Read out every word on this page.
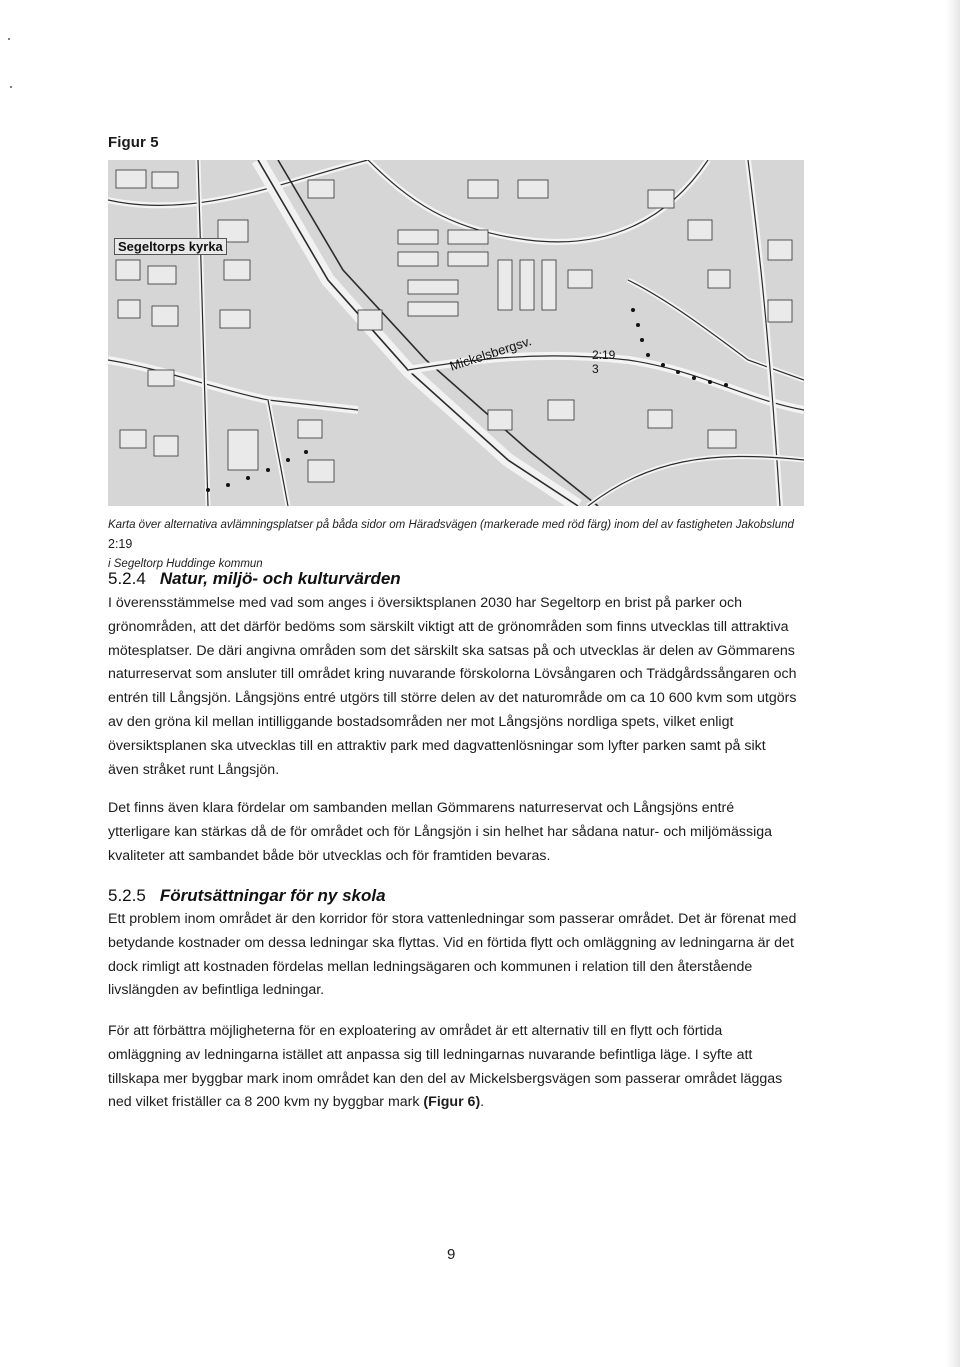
Figur 5
Segeltorps kyrka
Mickelsbergsv.	2:19
3
Karta över alternativa avlämningsplatser på båda sidor om Häradsvägen (markerade med röd färg) inom del av fastigheten Jakobslund 2:19
i Segeltorp Huddinge kommun
5.2.4 Natur, miljö- och kulturvärden

I överensstämmelse med vad som anges i översiktsplanen 2030 har Segeltorp en brist på parker och grönområden, att det därför bedöms som särskilt viktigt att de grönområden som finns utvecklas till attraktiva mötesplatser. De däri angivna områden som det särskilt ska satsas på och utvecklas är delen av Gömmarens naturreservat som ansluter till området kring nuvarande förskolorna Lövsångaren och Trädgårdssångaren och entrén till Långsjön. Långsjöns entré utgörs till större delen av det naturområde om ca 10 600 kvm som utgörs av den gröna kil mellan intilliggande bostadsområden ner mot Långsjöns nordliga spets, vilket enligt översiktsplanen ska utvecklas till en attraktiv park med dagvattenlösningar som lyfter parken samt på sikt även stråket runt Långsjön.

Det finns även klara fördelar om sambanden mellan Gömmarens naturreservat och Långsjöns entré ytterligare kan stärkas då de för området och för Långsjön i sin helhet har sådana natur- och miljömässiga kvaliteter att sambandet både bör utvecklas och för framtiden bevaras.

5.2.5 Förutsättningar för ny skola

Ett problem inom området är den korridor för stora vattenledningar som passerar området. Det är förenat med betydande kostnader om dessa ledningar ska flyttas. Vid en förtida flytt och omläggning av ledningarna är det dock rimligt att kostnaden fördelas mellan ledningsägaren och kommunen i relation till den återstående livslängden av befintliga ledningar.

För att förbättra möjligheterna för en exploatering av området är ett alternativ till en flytt och förtida omläggning av ledningarna istället att anpassa sig till ledningarnas nuvarande befintliga läge. I syfte att tillskapa mer byggbar mark inom området kan den del av Mickelsbergsvägen som passerar området läggas ned vilket friställer ca 8 200 kvm ny byggbar mark (Figur 6).

9
